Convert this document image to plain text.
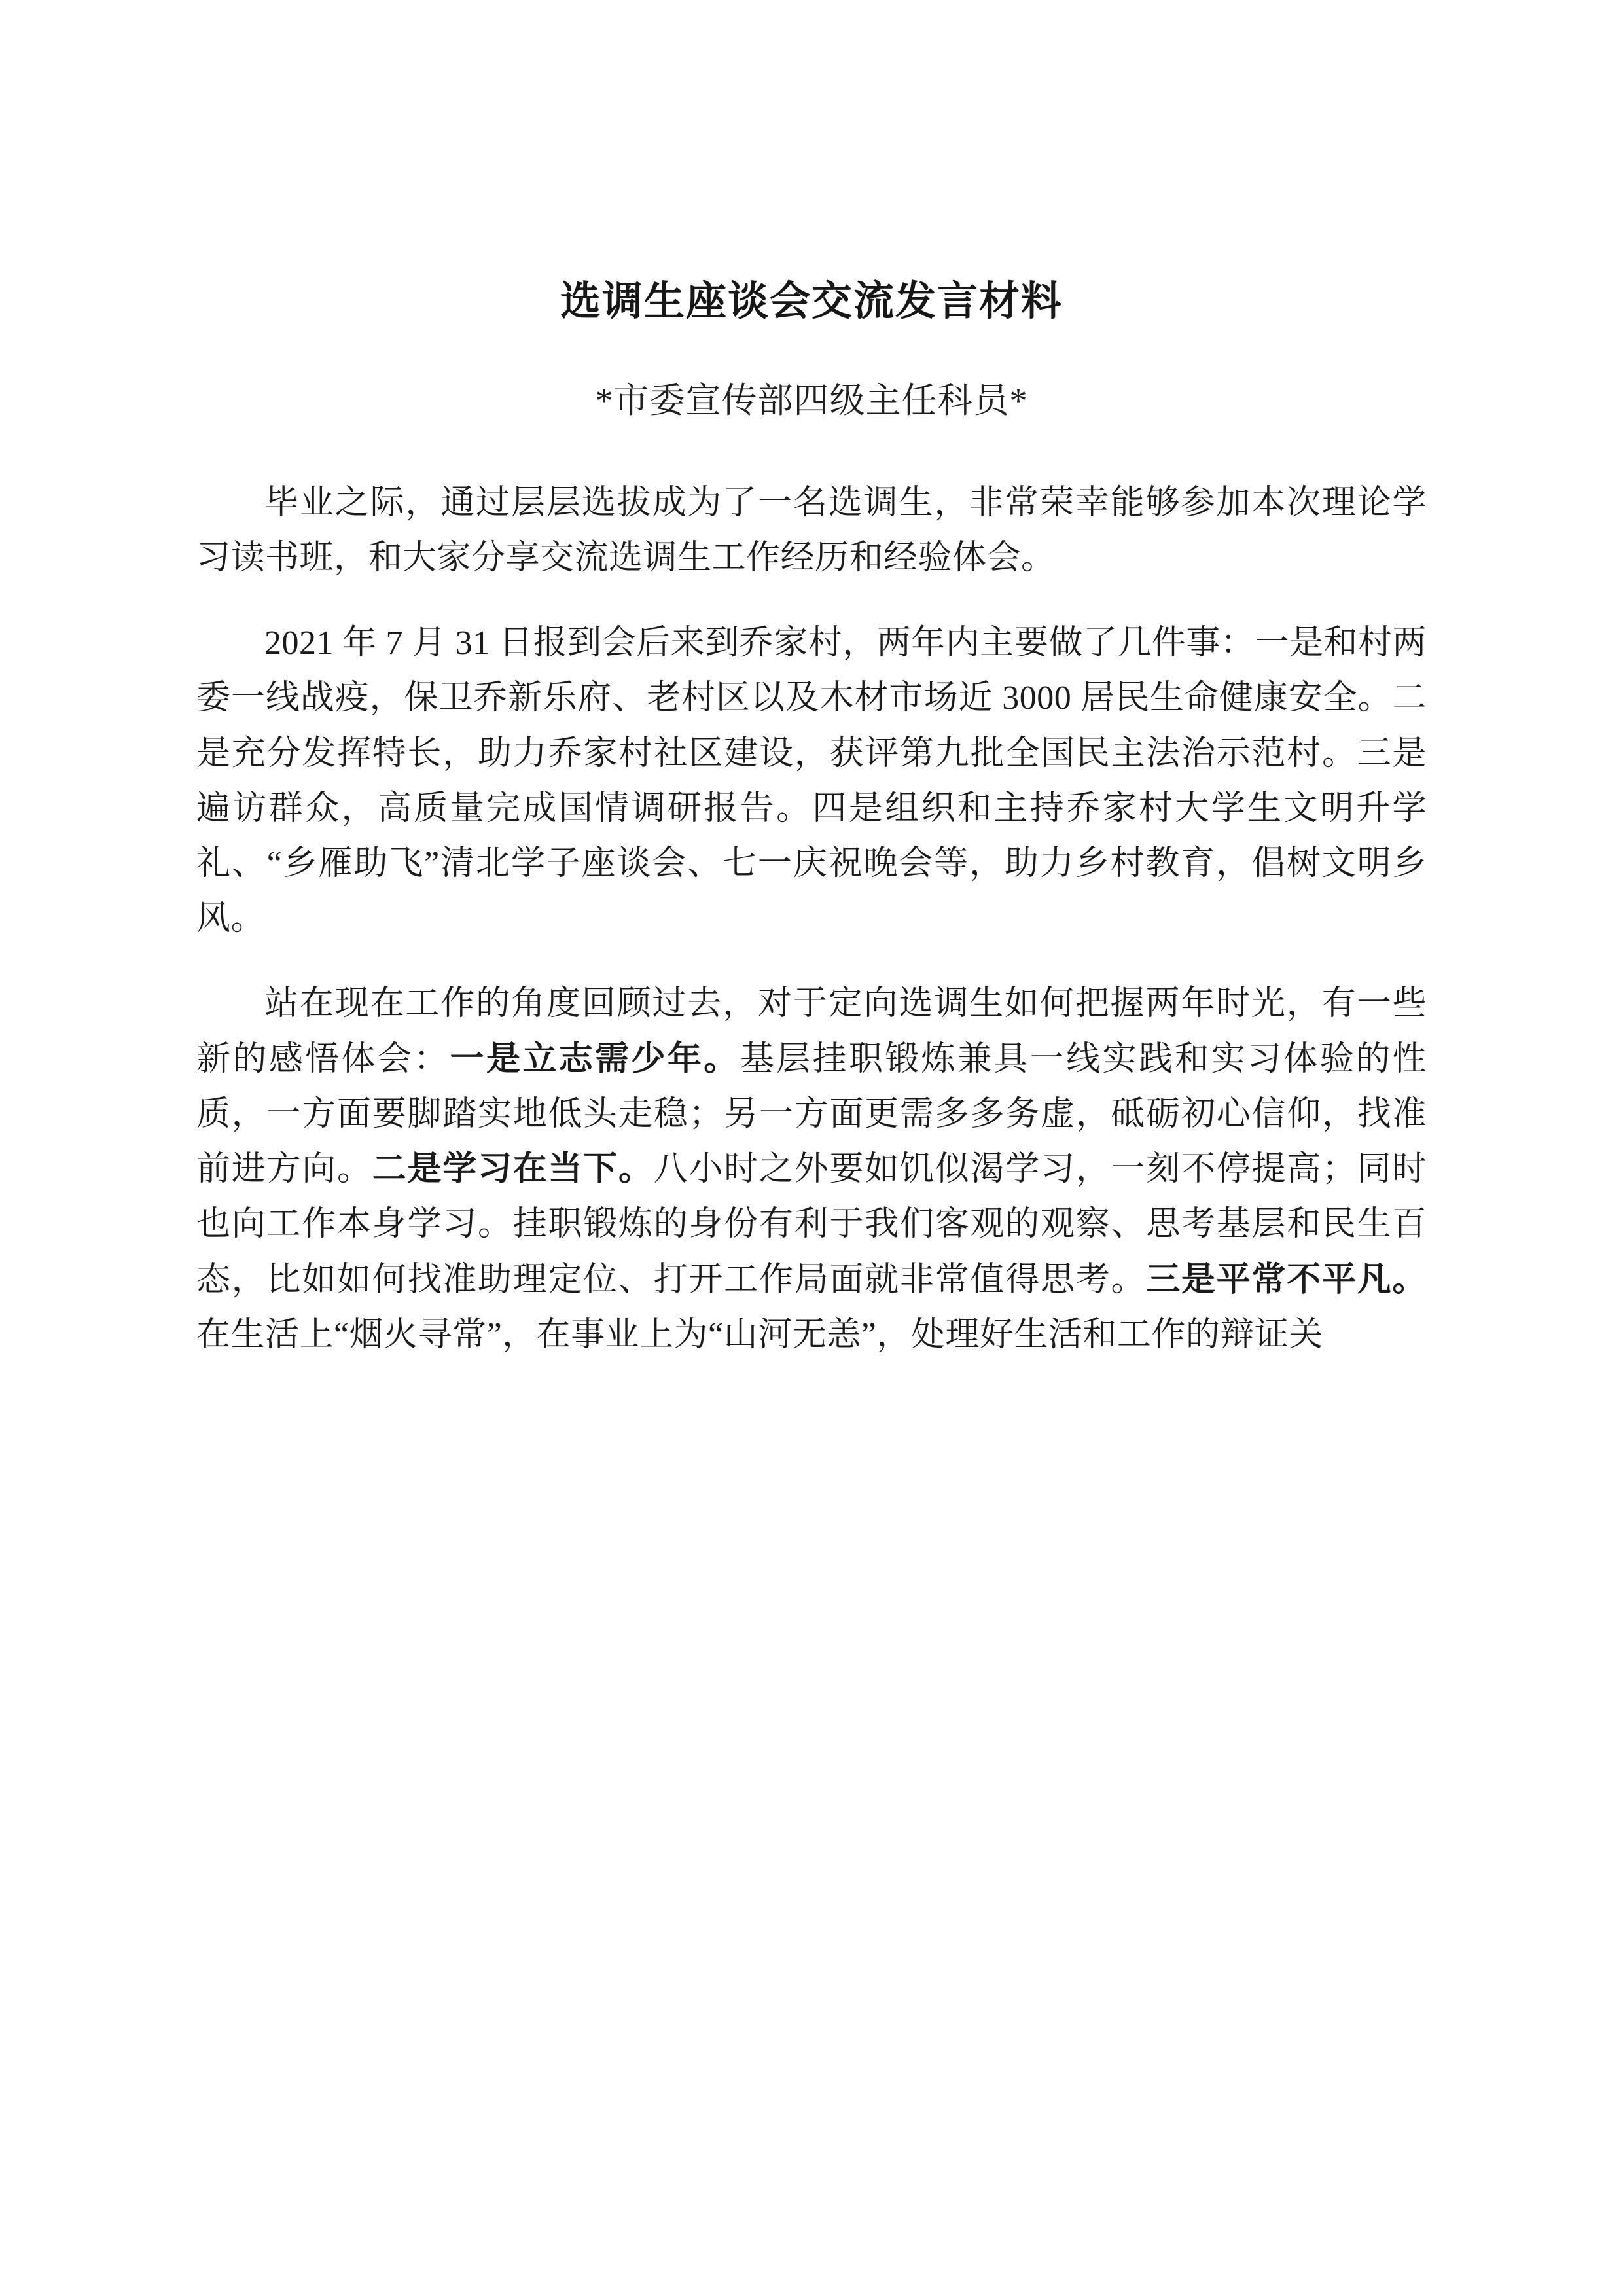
选调生座谈会交流发言材料
*市委宣传部四级主任科员*

毕业之际，通过层层选拔成为了一名选调生，非常荣幸能够参加本次理论学习读书班，和大家分享交流选调生工作经历和经验体会。

2021 年 7 月 31 日报到会后来到乔家村，两年内主要做了几件事：一是和村两委一线战疫，保卫乔新乐府、老村区以及木材市场近 3000 居民生命健康安全。二是充分发挥特长，助力乔家村社区建设，获评第九批全国民主法治示范村。三是遍访群众，高质量完成国情调研报告。四是组织和主持乔家村大学生文明升学礼、“乡雁助飞”清北学子座谈会、七一庆祝晚会等，助力乡村教育，倡树文明乡风。

站在现在工作的角度回顾过去，对于定向选调生如何把握两年时光，有一些新的感悟体会：一是立志需少年。基层挂职锻炼兼具一线实践和实习体验的性质，一方面要脚踏实地低头走稳；另一方面更需多多务虚，砥砺初心信仰，找准前进方向。二是学习在当下。八小时之外要如饥似渴学习，一刻不停提高；同时也向工作本身学习。挂职锻炼的身份有利于我们客观的观察、思考基层和民生百态，比如如何找准助理定位、打开工作局面就非常值得思考。三是平常不平凡。在生活上“烟火寻常”，在事业上为“山河无恙”，处理好生活和工作的辩证关
